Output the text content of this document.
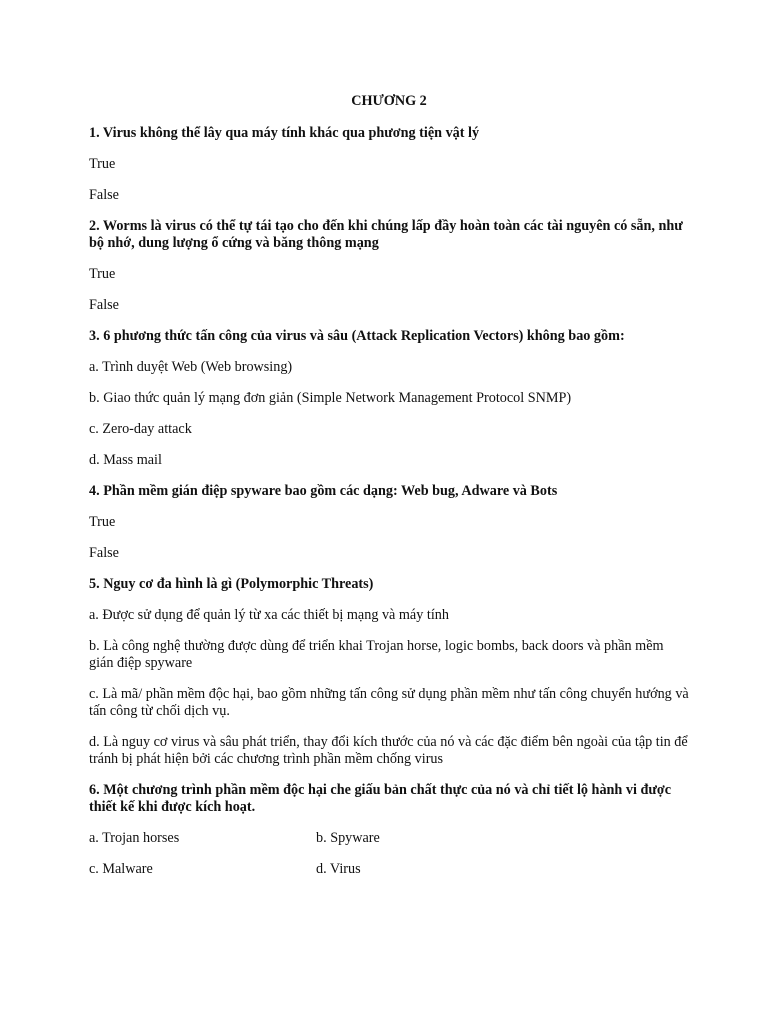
CHƯƠNG 2
1. Virus không thể lây qua máy tính khác qua phương tiện vật lý
True
False
2. Worms là virus có thể tự tái tạo cho đến khi chúng lấp đầy hoàn toàn các tài nguyên có sẵn, như bộ nhớ, dung lượng ổ cứng và băng thông mạng
True
False
3. 6 phương thức tấn công của virus và sâu (Attack Replication Vectors) không bao gồm:
a. Trình duyệt Web (Web browsing)
b. Giao thức quản lý mạng đơn giản (Simple Network Management Protocol SNMP)
c. Zero-day attack
d. Mass mail
4. Phần mềm gián điệp spyware bao gồm các dạng: Web bug, Adware và Bots
True
False
5. Nguy cơ đa hình là gì (Polymorphic Threats)
a. Được sử dụng để quản lý từ xa các thiết bị mạng và máy tính
b. Là công nghệ thường được dùng để triển khai Trojan horse, logic bombs, back doors và phần mềm gián điệp spyware
c. Là mã/ phần mềm độc hại, bao gồm những tấn công sử dụng phần mềm như tấn công chuyển hướng và tấn công từ chối dịch vụ.
d. Là nguy cơ virus và sâu phát triển, thay đổi kích thước của nó và các đặc điểm bên ngoài của tập tin để tránh bị phát hiện bởi các chương trình phần mềm chống virus
6. Một chương trình phần mềm độc hại che giấu bản chất thực của nó và chỉ tiết lộ hành vi được thiết kế khi được kích hoạt.
a. Trojan horses	b. Spyware
c. Malware	d. Virus
